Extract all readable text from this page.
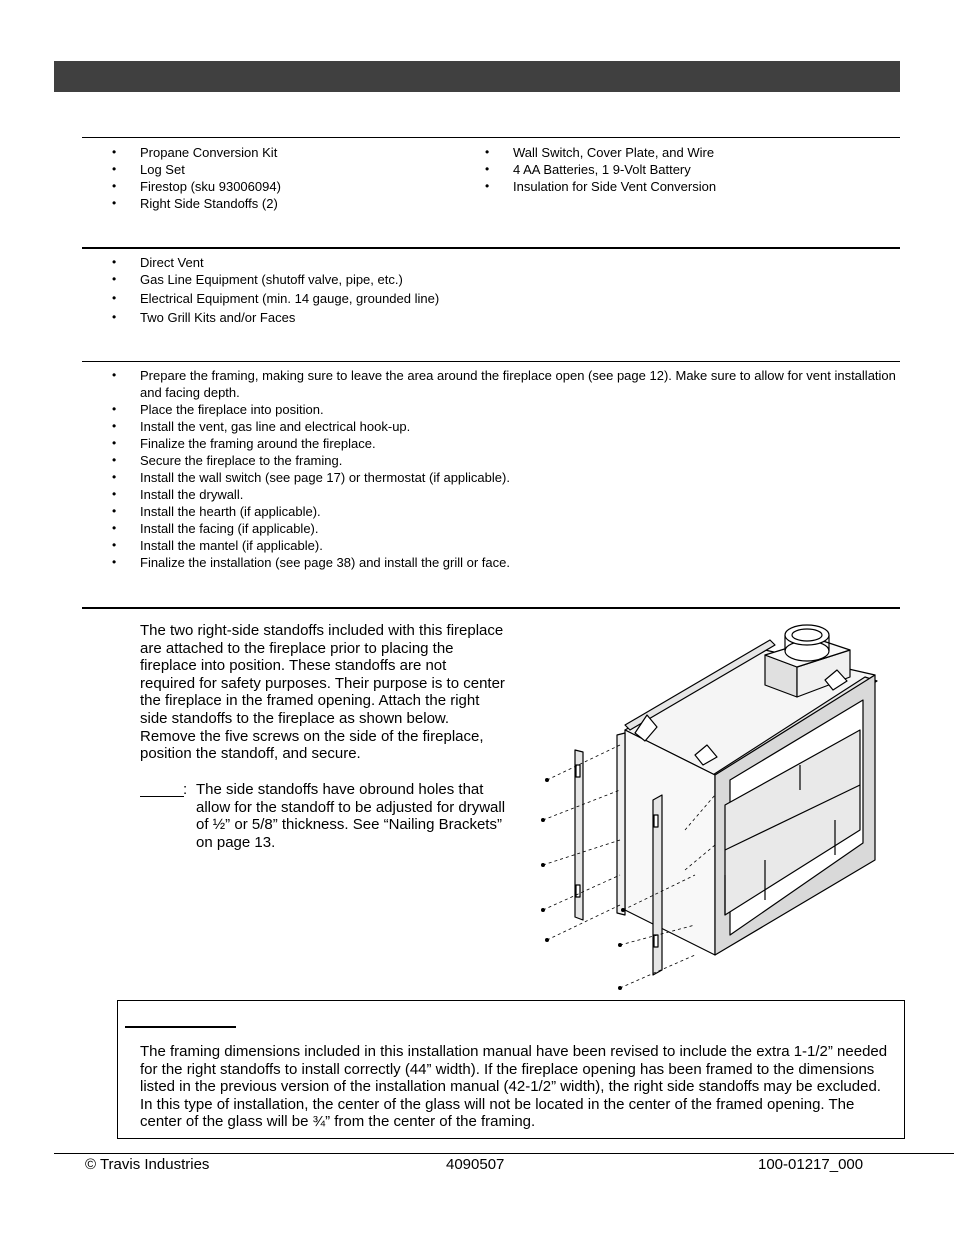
• Propane Conversion Kit
• Log Set
• Firestop (sku 93006094)
• Right Side Standoffs (2)
• Wall Switch, Cover Plate, and Wire
• 4 AA Batteries, 1 9-Volt Battery
• Insulation for Side Vent Conversion
• Direct Vent
• Gas Line Equipment (shutoff valve, pipe, etc.)
• Electrical Equipment (min. 14 gauge, grounded line)
• Two Grill Kits and/or Faces
• Prepare the framing, making sure to leave the area around the fireplace open (see page 12). Make sure to allow for vent installation and facing depth.
• Place the fireplace into position.
• Install the vent, gas line and electrical hook-up.
• Finalize the framing around the fireplace.
• Secure the fireplace to the framing.
• Install the wall switch (see page 17) or thermostat (if applicable).
• Install the drywall.
• Install the hearth (if applicable).
• Install the facing (if applicable).
• Install the mantel (if applicable).
• Finalize the installation (see page 38) and install the grill or face.
The two right-side standoffs included with this fireplace are attached to the fireplace prior to placing the fireplace into position. These standoffs are not required for safety purposes. Their purpose is to center the fireplace in the framed opening. Attach the right side standoffs to the fireplace as shown below. Remove the five screws on the side of the fireplace, position the standoff, and secure.
: The side standoffs have obround holes that allow for the standoff to be adjusted for drywall of ½” or 5/8” thickness. See “Nailing Brackets” on page 13.
The framing dimensions included in this installation manual have been revised to include the extra 1-1/2” needed for the right standoffs to install correctly (44” width). If the fireplace opening has been framed to the dimensions listed in the previous version of the installation manual (42-1/2” width), the right side standoffs may be excluded. In this type of installation, the center of the glass will not be located in the center of the framed opening. The center of the glass will be ¾” from the center of the framing.
© Travis Industries	4090507	100-01217_000
